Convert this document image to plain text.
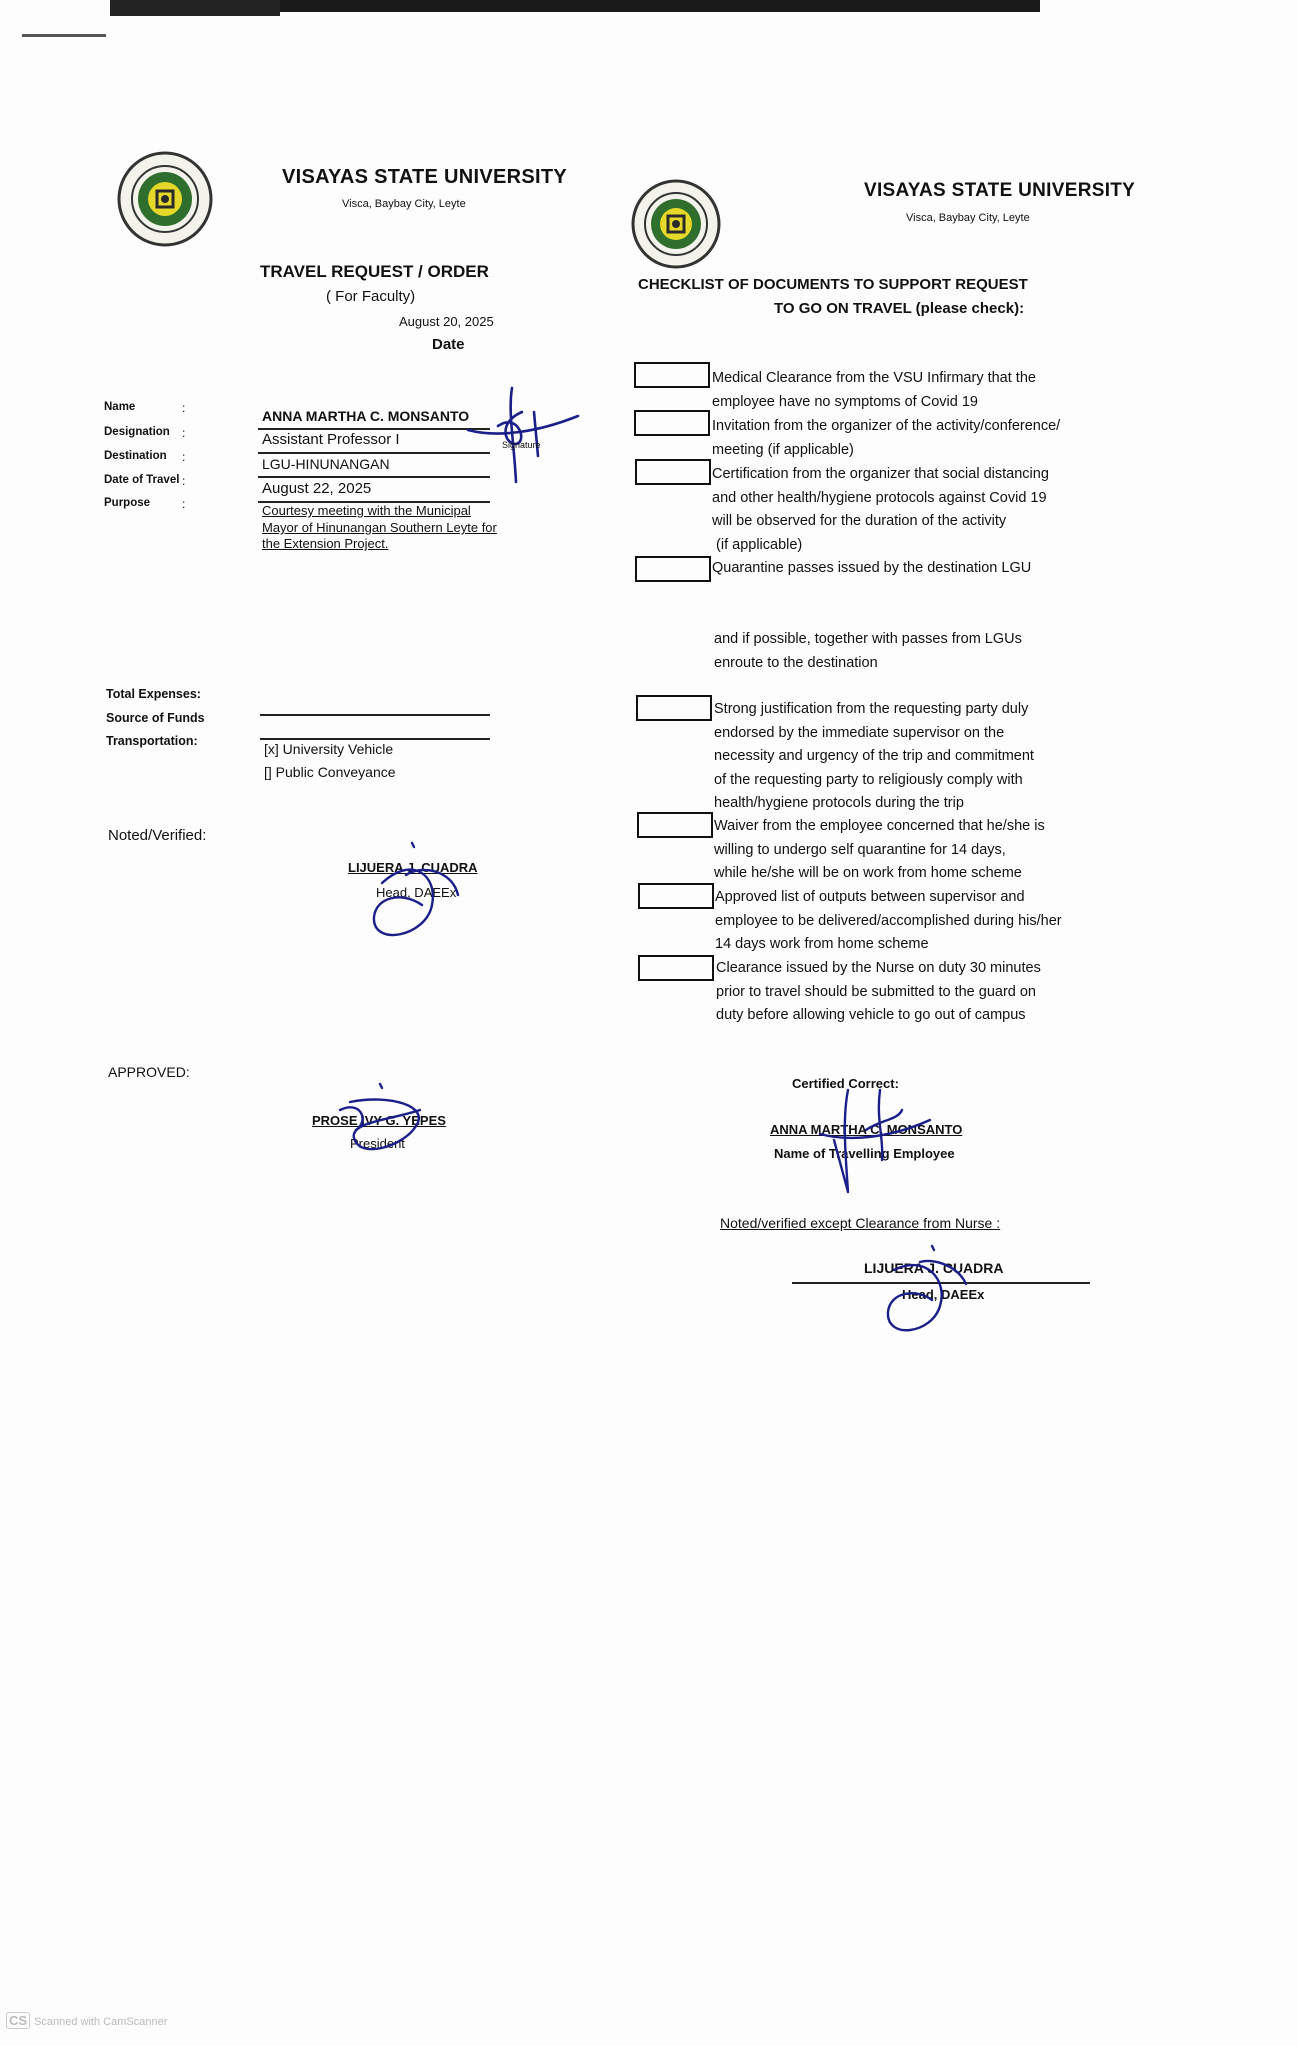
VISAYAS STATE UNIVERSITY
Visca, Baybay City, Leyte
TRAVEL REQUEST / ORDER
( For Faculty)
August 20, 2025
Date
Name	:	ANNA MARTHA C. MONSANTO
Designation :	Assistant Professor I
Destination :	LGU-HINUNANGAN
Date of Travel :	August 22, 2025
Purpose	:	Courtesy meeting with the Municipal
Mayor of Hinunangan Southern Leyte for
the Extension Project.
Signature
Total Expenses:
Source of Funds
Transportation:	[x] University Vehicle
[] Public Conveyance
Noted/Verified:
LIJUERA J. CUADRA
Head, DAEEx
APPROVED:
PROSE IVY G. YEPES
President
VISAYAS STATE UNIVERSITY
Visca, Baybay City, Leyte
CHECKLIST OF DOCUMENTS TO SUPPORT REQUEST
TO GO ON TRAVEL (please check):
Medical Clearance from the VSU Infirmary that the
employee have no symptoms of Covid 19
Invitation from the organizer of the activity/conference/
meeting (if applicable)
Certification from the organizer that social distancing
and other health/hygiene protocols against Covid 19
will be observed for the duration of the activity
(if applicable)
Quarantine passes issued by the destination LGU
and if possible, together with passes from LGUs
enroute to the destination
Strong justification from the requesting party duly
endorsed by the immediate supervisor on the
necessity and urgency of the trip and commitment
of the requesting party to religiously comply with
health/hygiene protocols during the trip
Waiver from the employee concerned that he/she is
willing to undergo self quarantine for 14 days,
while he/she will be on work from home scheme
Approved list of outputs between supervisor and
employee to be delivered/accomplished during his/her
14 days work from home scheme
Clearance issued by the Nurse on duty 30 minutes
prior to travel should be submitted to the guard on
duty before allowing vehicle to go out of campus
Certified Correct:
ANNA MARTHA C. MONSANTO
Name of Travelling Employee
Noted/verified except Clearance from Nurse :
LIJUERA J. CUADRA
Head, DAEEx
CS Scanned with CamScanner
